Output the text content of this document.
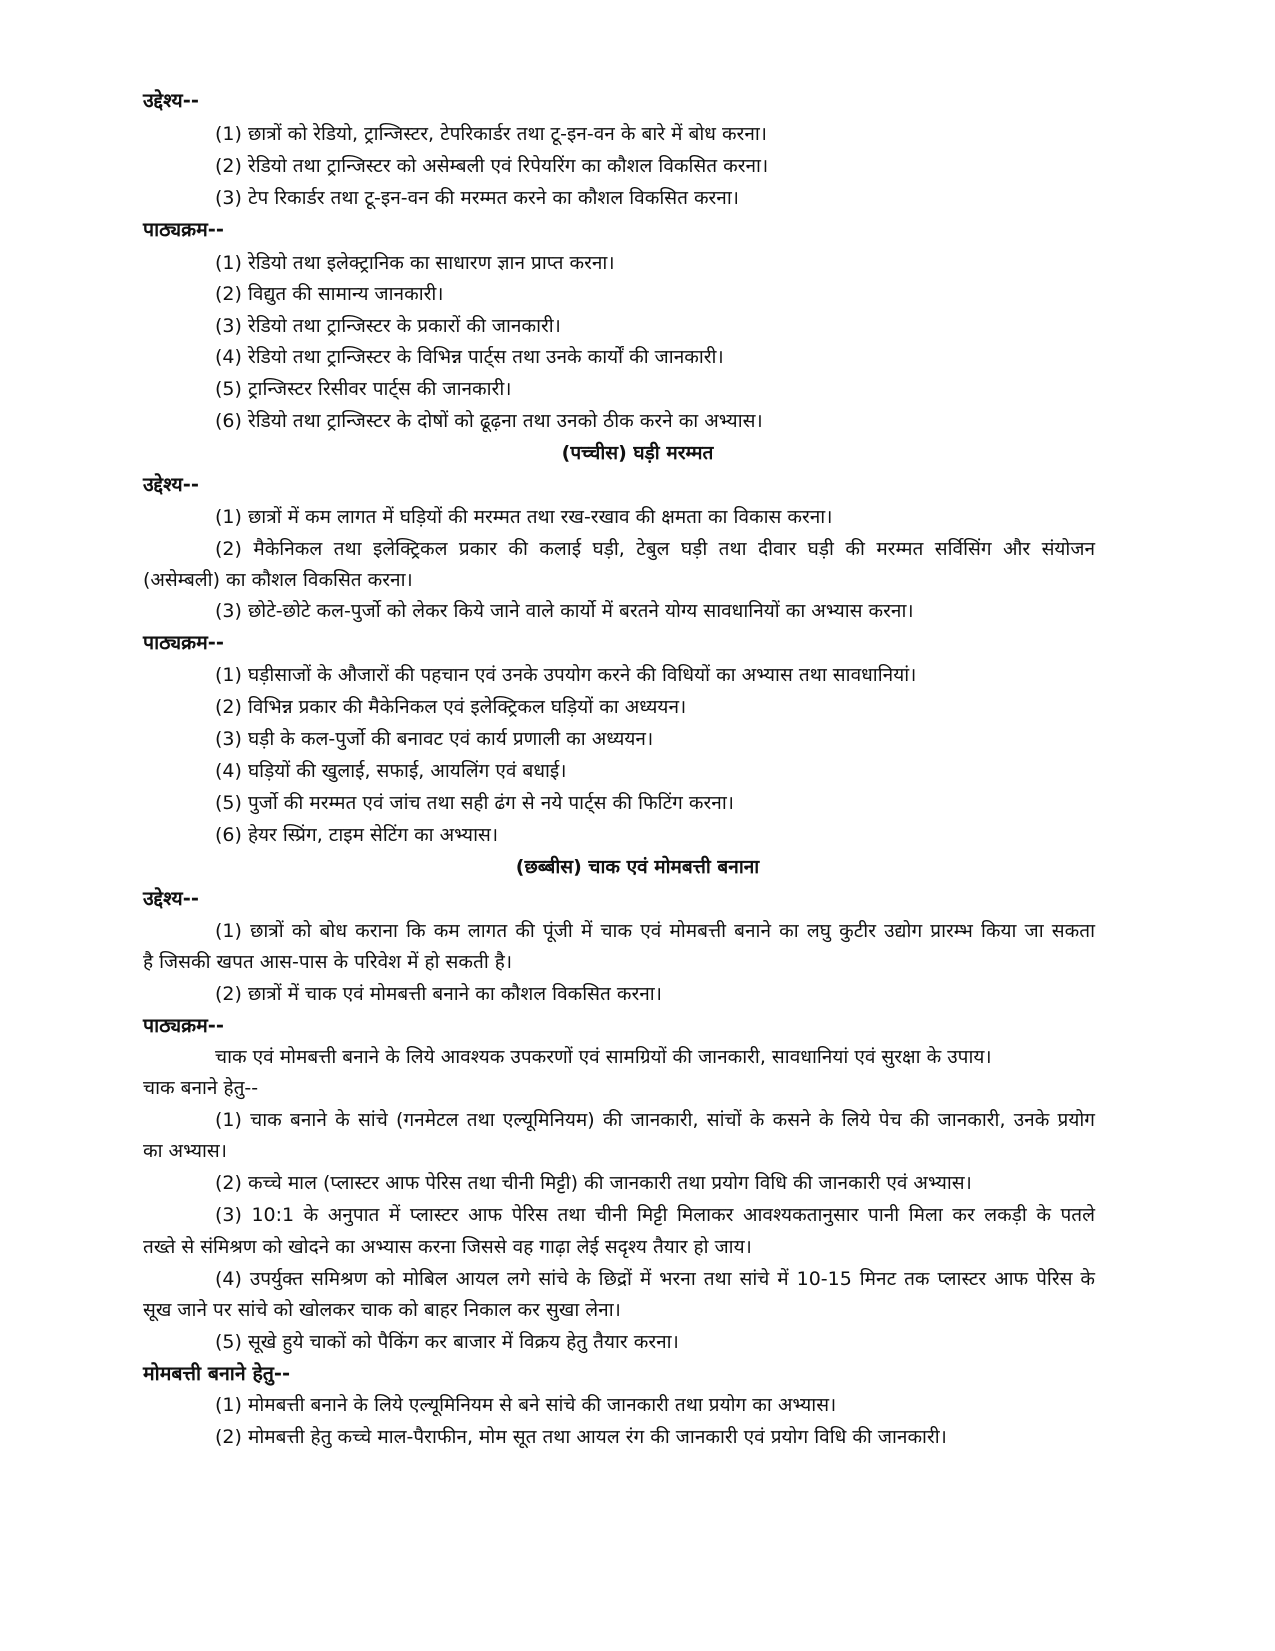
उद्देश्य--
(1) छात्रों को रेडियो, ट्रान्जिस्टर, टेपरिकार्डर तथा टू-इन-वन के बारे में बोध करना।
(2) रेडियो तथा ट्रान्जिस्टर को असेम्बली एवं रिपेयरिंग का कौशल विकसित करना।
(3) टेप रिकार्डर तथा टू-इन-वन की मरम्मत करने का कौशल विकसित करना।
पाठ्यक्रम--
(1) रेडियो तथा इलेक्ट्रानिक का साधारण ज्ञान प्राप्त करना।
(2) विद्युत की सामान्य जानकारी।
(3) रेडियो तथा ट्रान्जिस्टर के प्रकारों की जानकारी।
(4) रेडियो तथा ट्रान्जिस्टर के विभिन्न पार्ट्स तथा उनके कार्यों की जानकारी।
(5) ट्रान्जिस्टर रिसीवर पार्ट्स की जानकारी।
(6) रेडियो तथा ट्रान्जिस्टर के दोषों को ढूढ़ना तथा उनको ठीक करने का अभ्यास।
(पच्चीस) घड़ी मरम्मत
उद्देश्य--
(1) छात्रों में कम लागत में घड़ियों की मरम्मत तथा रख-रखाव की क्षमता का विकास करना।
(2) मैकेनिकल तथा इलेक्ट्रिकल प्रकार की कलाई घड़ी, टेबुल घड़ी तथा दीवार घड़ी की मरम्मत सर्विसिंग और संयोजन
(असेम्बली) का कौशल विकसित करना।
(3) छोटे-छोटे कल-पुर्जो को लेकर किये जाने वाले कार्यो में बरतने योग्य सावधानियों का अभ्यास करना।
पाठ्यक्रम--
(1) घड़ीसाजों के औजारों की पहचान एवं उनके उपयोग करने की विधियों का अभ्यास तथा सावधानियां।
(2) विभिन्न प्रकार की मैकेनिकल एवं इलेक्ट्रिकल घड़ियों का अध्ययन।
(3) घड़ी के कल-पुर्जो की बनावट एवं कार्य प्रणाली का अध्ययन।
(4) घड़ियों की खुलाई, सफाई, आयलिंग एवं बधाई।
(5) पुर्जो की मरम्मत एवं जांच तथा सही ढंग से नये पार्ट्स की फिटिंग करना।
(6) हेयर स्प्रिंग, टाइम सेटिंग का अभ्यास।
(छब्बीस) चाक एवं मोमबत्ती बनाना
उद्देश्य--
(1) छात्रों को बोध कराना कि कम लागत की पूंजी में चाक एवं मोमबत्ती बनाने का लघु कुटीर उद्योग प्रारम्भ किया जा सकता
है जिसकी खपत आस-पास के परिवेश में हो सकती है।
(2) छात्रों में चाक एवं मोमबत्ती बनाने का कौशल विकसित करना।
पाठ्यक्रम--
चाक एवं मोमबत्ती बनाने के लिये आवश्यक उपकरणों एवं सामग्रियों की जानकारी, सावधानियां एवं सुरक्षा के उपाय।
चाक बनाने हेतु--
(1) चाक बनाने के सांचे (गनमेटल तथा एल्यूमिनियम) की जानकारी, सांचों के कसने के लिये पेच की जानकारी, उनके प्रयोग
का अभ्यास।
(2) कच्चे माल (प्लास्टर आफ पेरिस तथा चीनी मिट्टी) की जानकारी तथा प्रयोग विधि की जानकारी एवं अभ्यास।
(3) 10:1 के अनुपात में प्लास्टर आफ पेरिस तथा चीनी मिट्टी मिलाकर आवश्यकतानुसार पानी मिला कर लकड़ी के पतले
तख्ते से संमिश्रण को खोदने का अभ्यास करना जिससे वह गाढ़ा लेई सदृश्य तैयार हो जाय।
(4) उपर्युक्त समिश्रण को मोबिल आयल लगे सांचे के छिद्रों में भरना तथा सांचे में 10-15 मिनट तक प्लास्टर आफ पेरिस के
सूख जाने पर सांचे को खोलकर चाक को बाहर निकाल कर सुखा लेना।
(5) सूखे हुये चाकों को पैकिंग कर बाजार में विक्रय हेतु तैयार करना।
मोमबत्ती बनाने हेतु--
(1) मोमबत्ती बनाने के लिये एल्यूमिनियम से बने सांचे की जानकारी तथा प्रयोग का अभ्यास।
(2) मोमबत्ती हेतु कच्चे माल-पैराफीन, मोम सूत तथा आयल रंग की जानकारी एवं प्रयोग विधि की जानकारी।
